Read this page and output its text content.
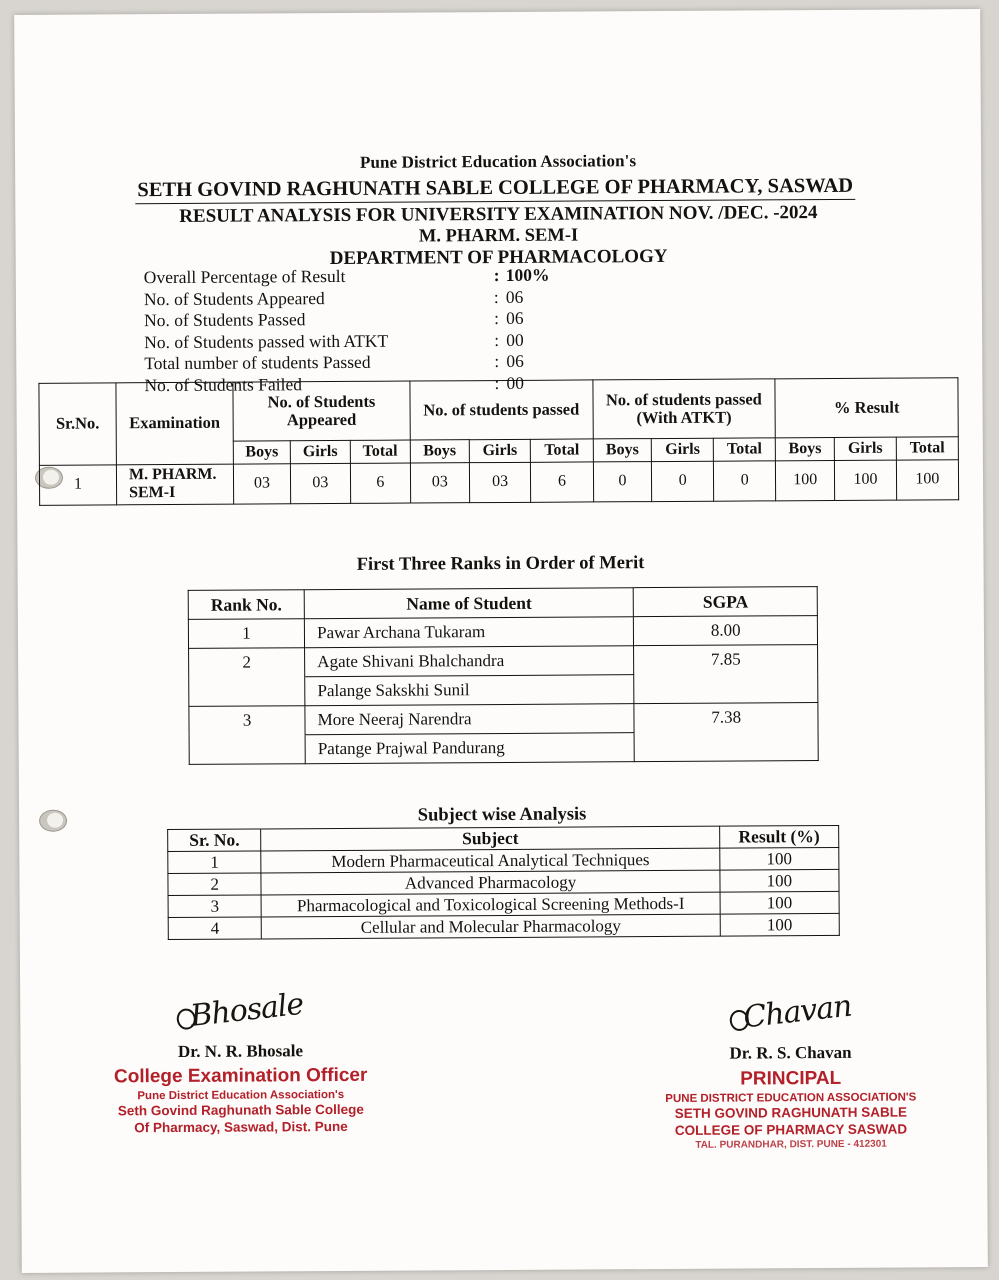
Pune District Education Association's
SETH GOVIND RAGHUNATH SABLE COLLEGE OF PHARMACY, SASWAD
RESULT ANALYSIS FOR UNIVERSITY EXAMINATION NOV. /DEC. -2024
M. PHARM. SEM-I
DEPARTMENT OF PHARMACOLOGY
Overall Percentage of Result	: 100%
No. of Students Appeared	: 06
No. of Students Passed	: 06
No. of Students passed with ATKT	: 00
Total number of students Passed	: 06
No. of Students Failed	: 00
Sr.No.	Examination	No. of Students Appeared			No. of students passed			No. of students passed (With ATKT)			% Result		
		Boys	Girls	Total	Boys	Girls	Total	Boys	Girls	Total	Boys	Girls	Total
1	M. PHARM. SEM-I	03	03	6	03	03	6	0	0	0	100	100	100
First Three Ranks in Order of Merit
Rank No.	Name of Student	SGPA
1	Pawar Archana Tukaram	8.00
2	Agate Shivani Bhalchandra	7.85
	Palange Sakskhi Sunil	
3	More Neeraj Narendra	7.38
	Patange Prajwal Pandurang	
Subject wise Analysis
Sr. No.	Subject	Result (%)
1	Modern Pharmaceutical Analytical Techniques	100
2	Advanced Pharmacology	100
3	Pharmacological and Toxicological Screening Methods-I	100
4	Cellular and Molecular Pharmacology	100
Bhosale
Dr. N. R. Bhosale
College Examination Officer
Pune District Education Association's
Seth Govind Raghunath Sable College
Of Pharmacy, Saswad, Dist. Pune
Chavan
Dr. R. S. Chavan
PRINCIPAL
PUNE DISTRICT EDUCATION ASSOCIATION'S
SETH GOVIND RAGHUNATH SABLE
COLLEGE OF PHARMACY SASWAD
TAL. PURANDHAR, DIST. PUNE - 412301
